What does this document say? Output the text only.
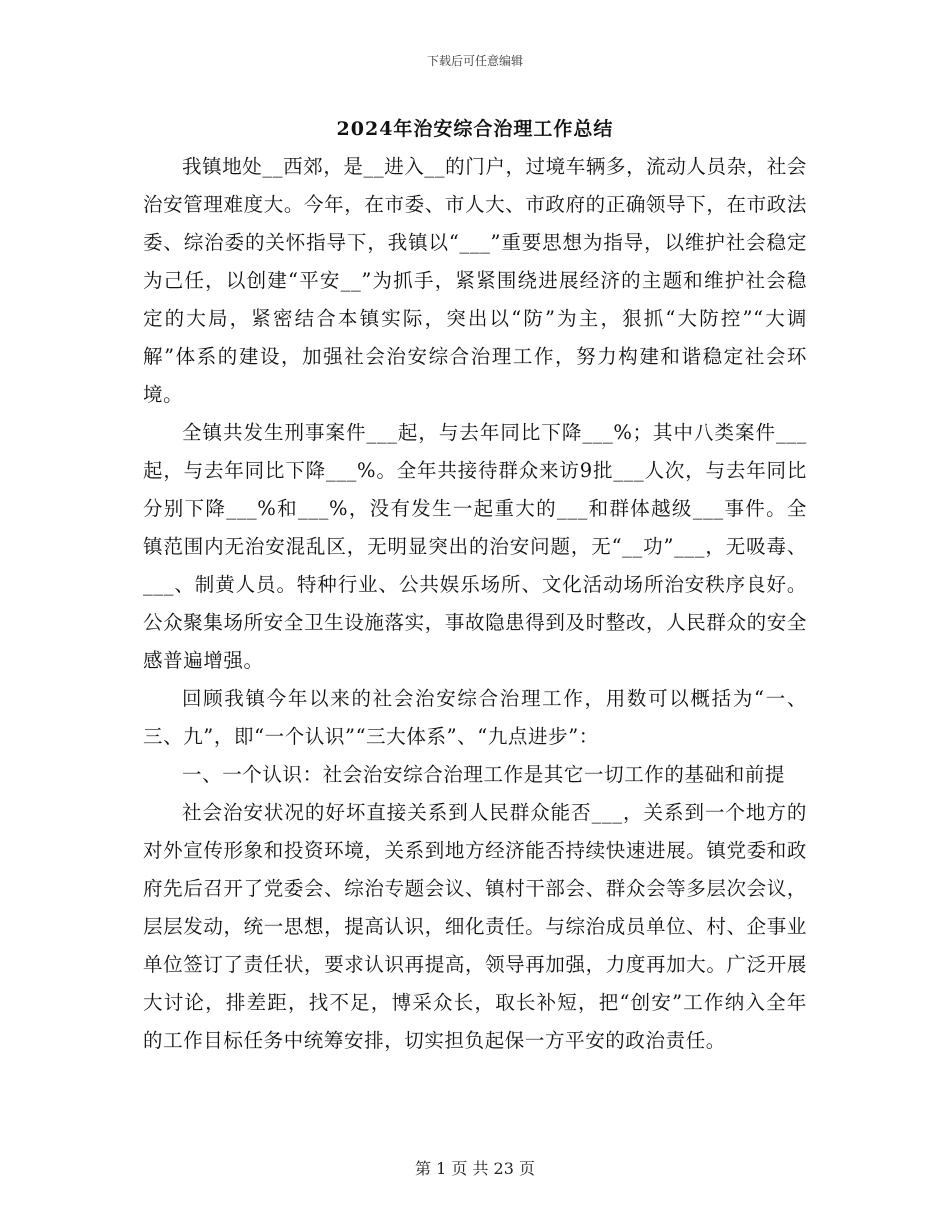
下载后可任意编辑
2024年治安综合治理工作总结

我镇地处__西郊，是__进入__的门户，过境车辆多，流动人员杂，社会治安管理难度大。今年，在市委、市人大、市政府的正确领导下，在市政法委、综治委的关怀指导下，我镇以“___”重要思想为指导，以维护社会稳定为己任，以创建“平安__”为抓手，紧紧围绕进展经济的主题和维护社会稳定的大局，紧密结合本镇实际，突出以“防”为主，狠抓“大防控”“大调解”体系的建设，加强社会治安综合治理工作，努力构建和谐稳定社会环境。

全镇共发生刑事案件___起，与去年同比下降___%；其中八类案件___起，与去年同比下降___%。全年共接待群众来访9批___人次，与去年同比分别下降___%和___%，没有发生一起重大的___和群体越级___事件。全镇范围内无治安混乱区，无明显突出的治安问题，无“__功”___，无吸毒、___、制黄人员。特种行业、公共娱乐场所、文化活动场所治安秩序良好。公众聚集场所安全卫生设施落实，事故隐患得到及时整改，人民群众的安全感普遍增强。

回顾我镇今年以来的社会治安综合治理工作，用数可以概括为“一、三、九”，即“一个认识”“三大体系”、“九点进步”：

一、一个认识：社会治安综合治理工作是其它一切工作的基础和前提

社会治安状况的好坏直接关系到人民群众能否___，关系到一个地方的对外宣传形象和投资环境，关系到地方经济能否持续快速进展。镇党委和政府先后召开了党委会、综治专题会议、镇村干部会、群众会等多层次会议，层层发动，统一思想，提高认识，细化责任。与综治成员单位、村、企事业单位签订了责任状，要求认识再提高，领导再加强，力度再加大。广泛开展大讨论，排差距，找不足，博采众长，取长补短，把“创安”工作纳入全年的工作目标任务中统筹安排，切实担负起保一方平安的政治责任。

第 1 页 共 23 页
